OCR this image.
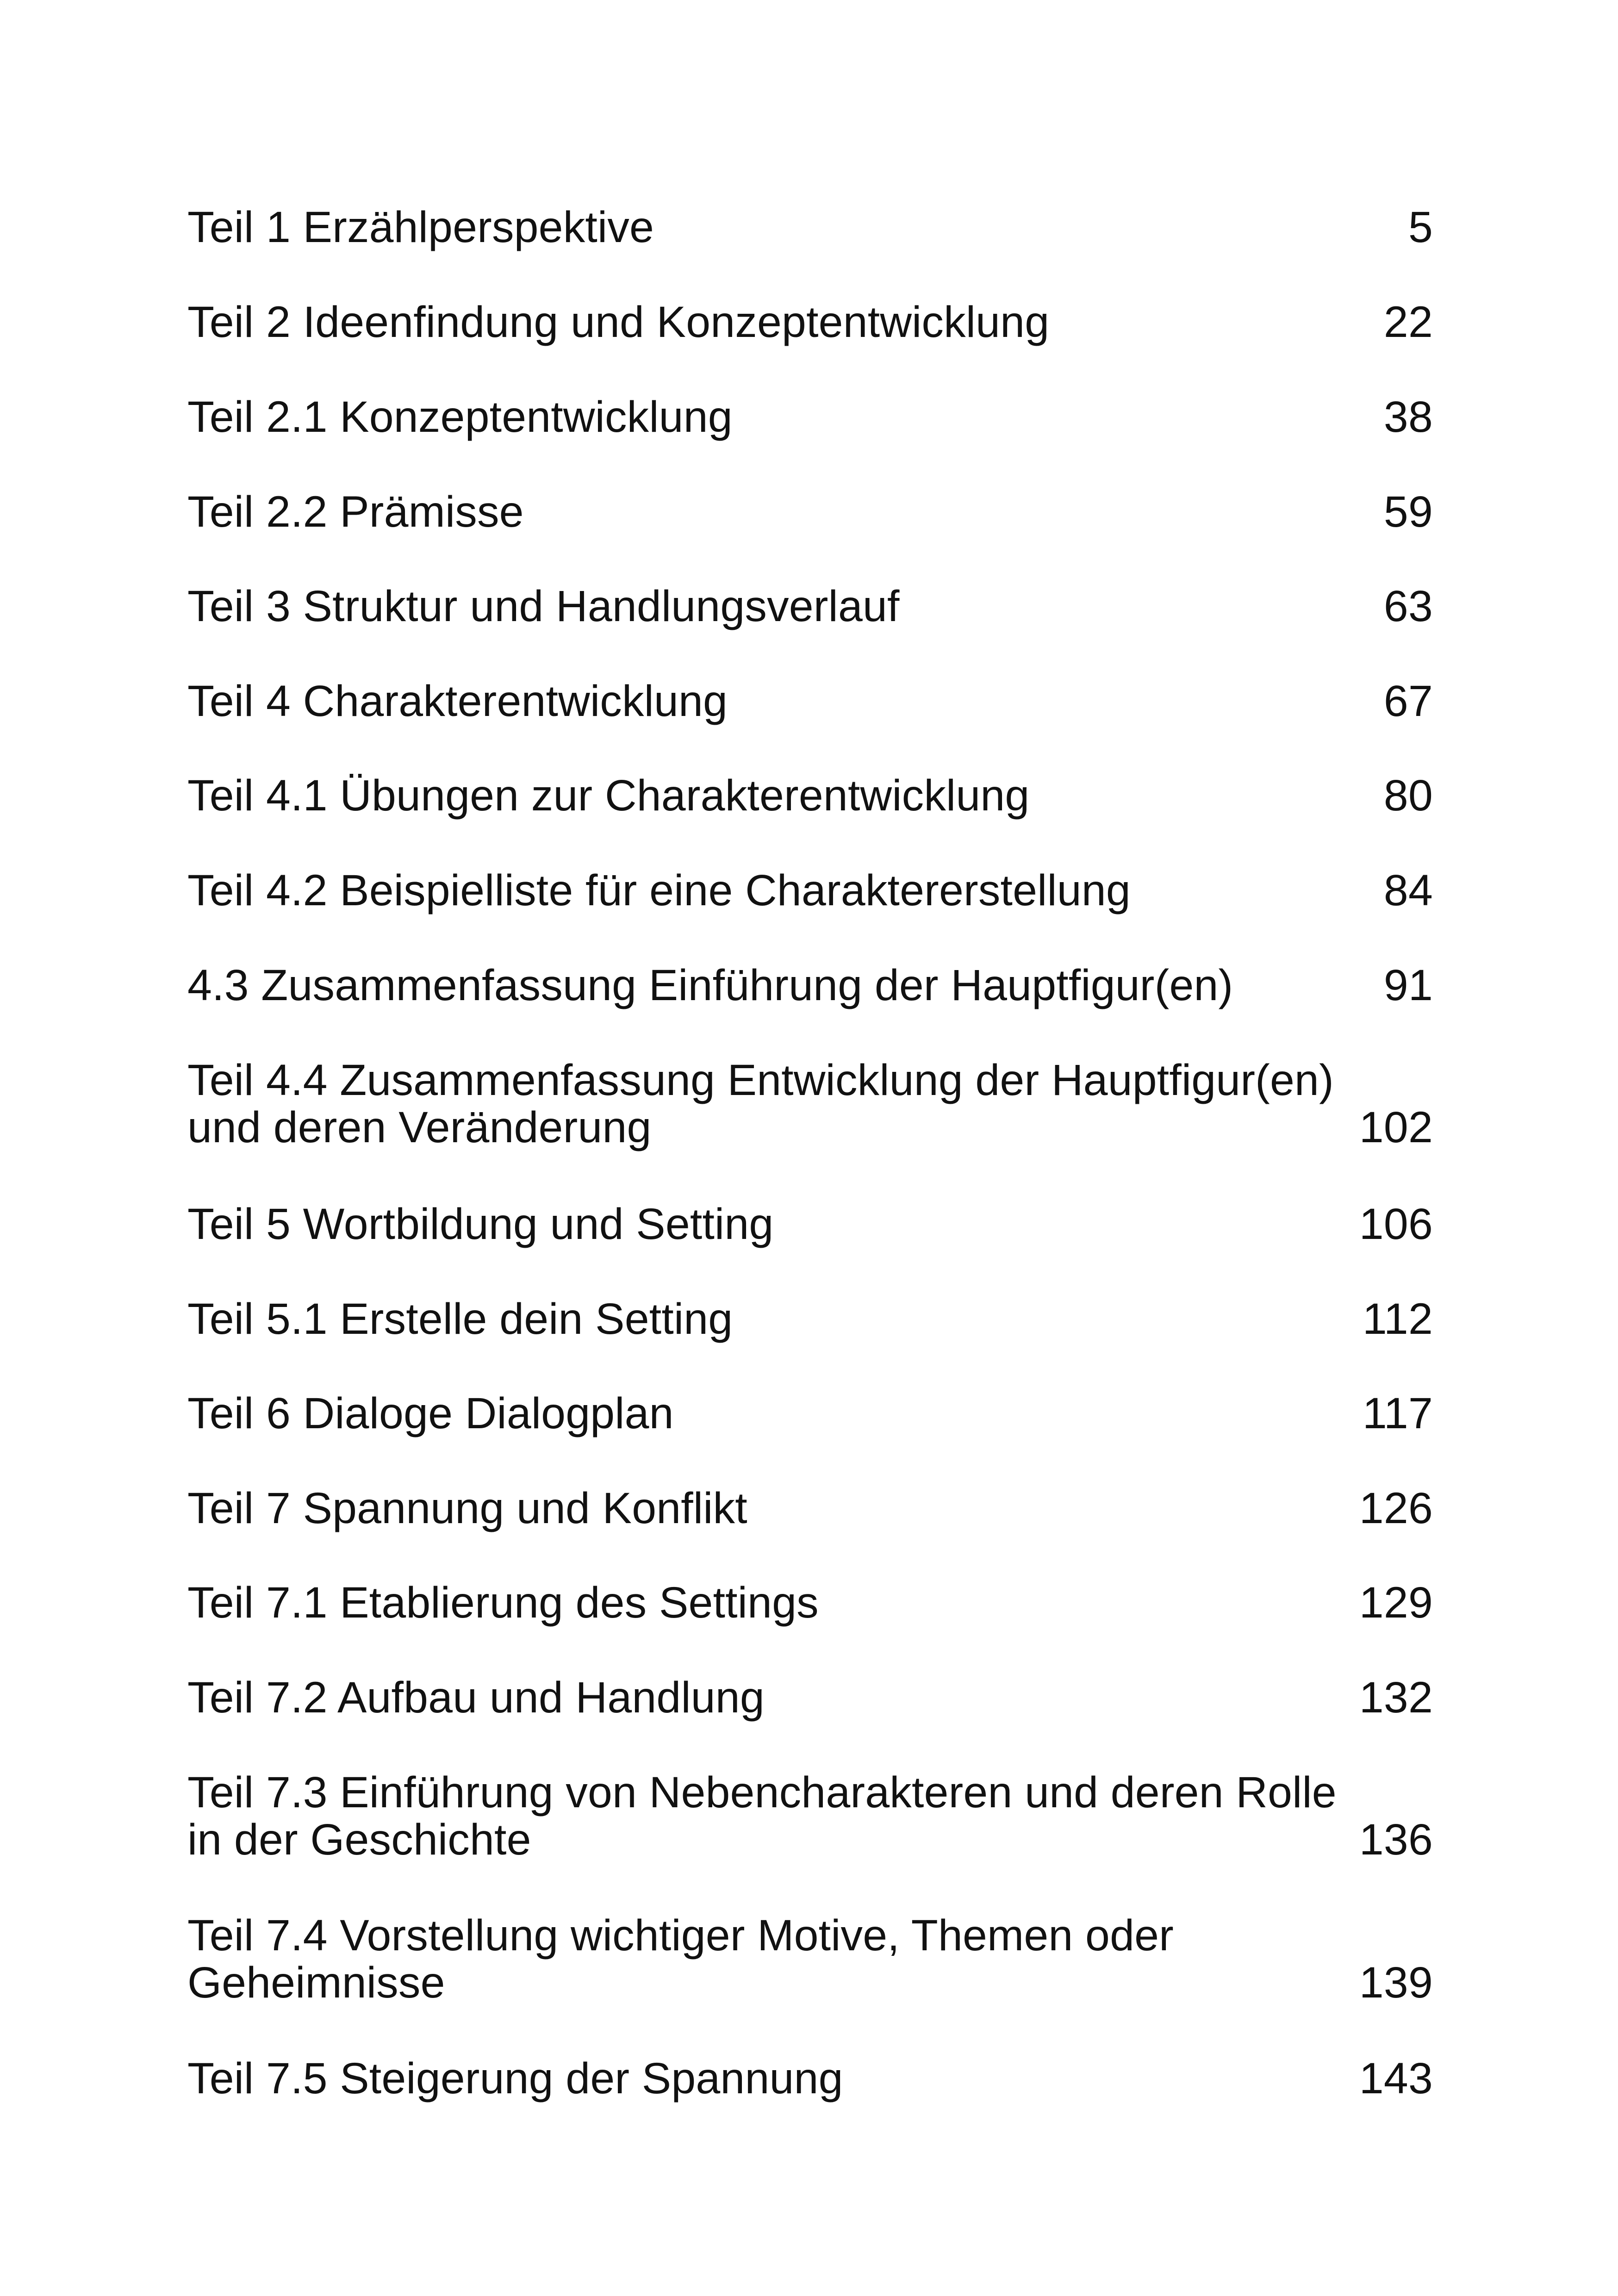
Teil 1 Erzählperspektive	5
Teil 2 Ideenfindung und Konzeptentwicklung	22
Teil 2.1 Konzeptentwicklung	38
Teil 2.2 Prämisse	59
Teil 3 Struktur und Handlungsverlauf	63
Teil 4 Charakterentwicklung	67
Teil 4.1 Übungen zur Charakterentwicklung	80
Teil 4.2 Beispielliste für eine Charaktererstellung	84
4.3 Zusammenfassung Einführung der Hauptfigur(en)	91
Teil 4.4 Zusammenfassung Entwicklung der Hauptfigur(en)
und deren Veränderung	102
Teil 5 Wortbildung und Setting	106
Teil 5.1 Erstelle dein Setting	112
Teil 6 Dialoge Dialogplan	117
Teil 7 Spannung und Konflikt	126
Teil 7.1 Etablierung des Settings	129
Teil 7.2 Aufbau und Handlung	132
Teil 7.3 Einführung von Nebencharakteren und deren Rolle
in der Geschichte	136
Teil 7.4 Vorstellung wichtiger Motive, Themen oder
Geheimnisse	139
Teil 7.5 Steigerung der Spannung	143
